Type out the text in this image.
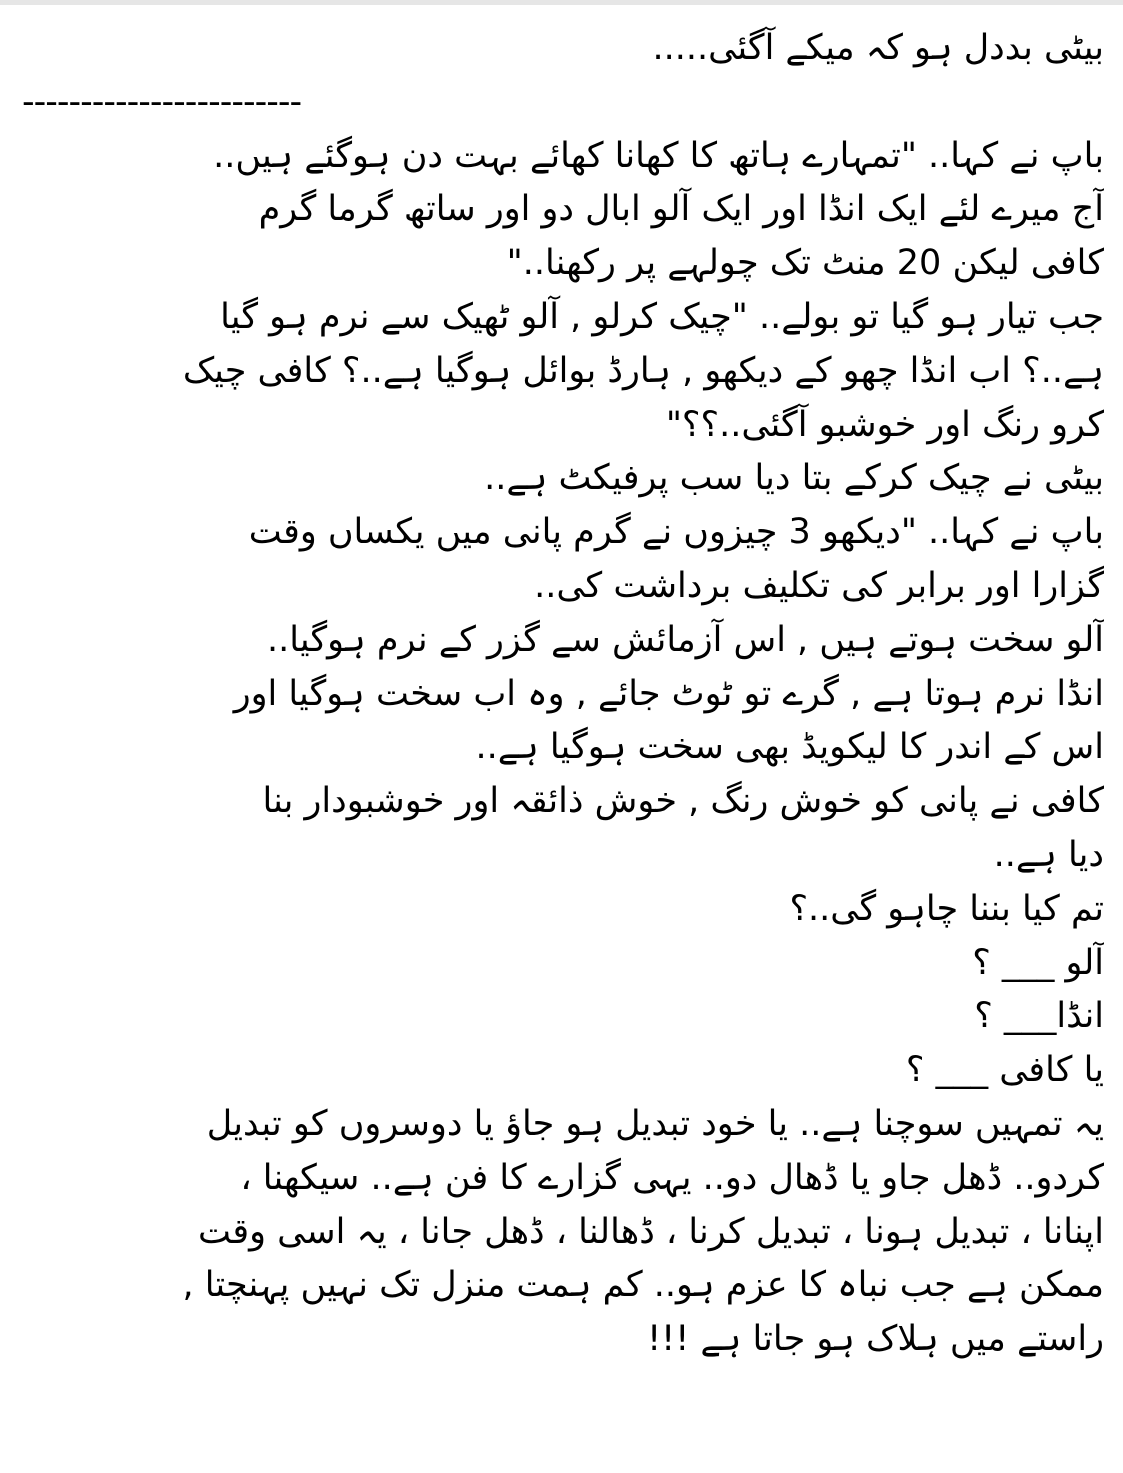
بیٹی بددل ہو کہ میکے آگئی.....
------------------------
باپ نے کہا.. "تمہارے ہاتھ کا کھانا کھائے بہت دن ہوگئے ہیں..
آج میرے لئے ایک انڈا اور ایک آلو ابال دو اور ساتھ گرما گرم
کافی لیکن 20 منٹ تک چولہے پر رکھنا.."
جب تیار ہو گیا تو بولے.. "چیک کرلو , آلو ٹھیک سے نرم ہو گیا
ہے..؟ اب انڈا چھو کے دیکھو , ہارڈ بوائل ہوگیا ہے..؟ کافی چیک
کرو رنگ اور خوشبو آگئی..؟؟"
بیٹی نے چیک کرکے بتا دیا سب پرفیکٹ ہے..
باپ نے کہا.. "دیکھو 3 چیزوں نے گرم پانی میں یکساں وقت
گزارا اور برابر کی تکلیف برداشت کی..
آلو سخت ہوتے ہیں , اس آزمائش سے گزر کے نرم ہوگیا..
انڈا نرم ہوتا ہے , گرے تو ٹوٹ جائے , وہ اب سخت ہوگیا اور
اس کے اندر کا لیکویڈ بھی سخت ہوگیا ہے..
کافی نے پانی کو خوش رنگ , خوش ذائقہ اور خوشبودار بنا
دیا ہے..
تم کیا بننا چاہو گی..؟
آلو ___ ؟
انڈا___ ؟
یا کافی ___ ؟
یہ تمہیں سوچنا ہے.. یا خود تبدیل ہو جاؤ یا دوسروں کو تبدیل
کردو.. ڈھل جاو یا ڈھال دو.. یہی گزارے کا فن ہے.. سیکھنا ،
اپنانا ، تبدیل ہونا ، تبدیل کرنا ، ڈھالنا ، ڈھل جانا ، یہ اسی وقت
ممکن ہے جب نباہ کا عزم ہو.. کم ہمت منزل تک نہیں پہنچتا ,
راستے میں ہلاک ہو جاتا ہے !!!
